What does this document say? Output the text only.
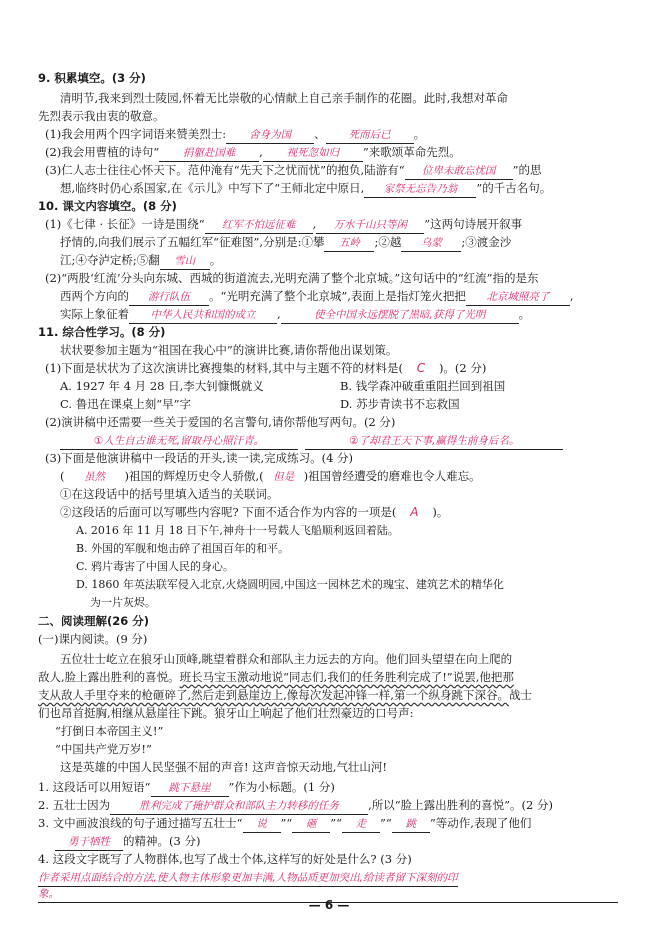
9. 积累填空。(3 分)
清明节,我来到烈士陵园,怀着无比崇敬的心情献上自己亲手制作的花圈。此时,我想对革命
先烈表示我由衷的敬意。
(1)我会用两个四字词语来赞美烈士: 舍身为国 、 死而后已 。
(2)我会用曹植的诗句“ 捐躯赴国难 , 视死忽如归 ”来歌颂革命先烈。
(3)仁人志士往往心怀天下。范仲淹有“先天下之忧而忧”的抱负,陆游有“ 位卑未敢忘忧国 ”的思
想,临终时仍心系国家,在《示儿》中写下了“王师北定中原日, 家祭无忘告乃翁 ”的千古名句。
10. 课文内容填空。(8 分)
(1)《七律 · 长征》一诗是围绕“ 红军不怕远征难 , 万水千山只等闲 ”这两句诗展开叙事
抒情的,向我们展示了五幅红军“征难图”,分别是:①攀 五岭 ;②越 乌蒙 ;③渡金沙
江;④夺泸定桥;⑤翻 雪山 。
(2)“两股‘红流’分头向东城、西城的街道流去,光明充满了整个北京城。”这句话中的“红流”指的是东
西两个方向的 游行队伍 。“光明充满了整个北京城”,表面上是指灯笼火把把 北京城照亮了 ,
实际上象征着 中华人民共和国的成立 ,	使全中国永远摆脱了黑暗,获得了光明	。
11. 综合性学习。(8 分)
状状要参加主题为“祖国在我心中”的演讲比赛,请你帮他出谋划策。
(1)下面是状状为了这次演讲比赛搜集的材料,其中与主题不符的材料是( C )。(2 分)
A. 1927 年 4 月 28 日,李大钊慷慨就义	B. 钱学森冲破重重阻拦回到祖国
C. 鲁迅在课桌上刻“早”字	D. 苏步青读书不忘救国
(2)演讲稿中还需要一些关于爱国的名言警句,请你帮他写两句。(2 分)
①人生自古谁无死,留取丹心照汗青。	②了却君王天下事,赢得生前身后名。
(3)下面是他演讲稿中一段话的开头,读一读,完成练习。(4 分)
( 虽然 )祖国的辉煌历史令人骄傲,( 但是 )祖国曾经遭受的磨难也令人难忘。
①在这段话中的括号里填入适当的关联词。
②这段话的后面可以写哪些内容呢? 下面不适合作为内容的一项是( A )。
A. 2016 年 11 月 18 日下午,神舟十一号载人飞船顺利返回着陆。
B. 外国的军舰和炮击碎了祖国百年的和平。
C. 鸦片毒害了中国人民的身心。
D. 1860 年英法联军侵入北京,火烧圆明园,中国这一园林艺术的瑰宝、建筑艺术的精华化
为一片灰烬。
二、阅读理解(26 分)
(一)课内阅读。(9 分)
五位壮士屹立在狼牙山顶峰,眺望着群众和部队主力远去的方向。他们回头望望在向上爬的
敌人,脸上露出胜利的喜悦。班长马宝玉激动地说“同志们,我们的任务胜利完成了!”说罢,他把那
支从敌人手里夺来的枪砸碎了,然后走到悬崖边上,像每次发起冲锋一样,第一个纵身跳下深谷。战士
们也昂首挺胸,相继从悬崖往下跳。狼牙山上响起了他们壮烈豪迈的口号声:
“打倒日本帝国主义!”
“中国共产党万岁!”
这是英雄的中国人民坚强不屈的声音! 这声音惊天动地,气壮山河!
1. 这段话可以用短语“ 跳下悬崖 ”作为小标题。(1 分)
2. 五壮士因为	胜利完成了掩护群众和部队主力转移的任务	,所以“脸上露出胜利的喜悦”。(2 分)
3. 文中画波浪线的句子通过描写五壮士“ 说 ”“ 砸 ”“ 走 ”“ 跳 ”等动作,表现了他们
勇于牺牲 的精神。(3 分)
4. 这段文字既写了人物群体,也写了战士个体,这样写的好处是什么? (3 分)
作者采用点面结合的方法,使人物主体形象更加丰满,人物品质更加突出,给读者留下深刻的印
象。
— 6 —
